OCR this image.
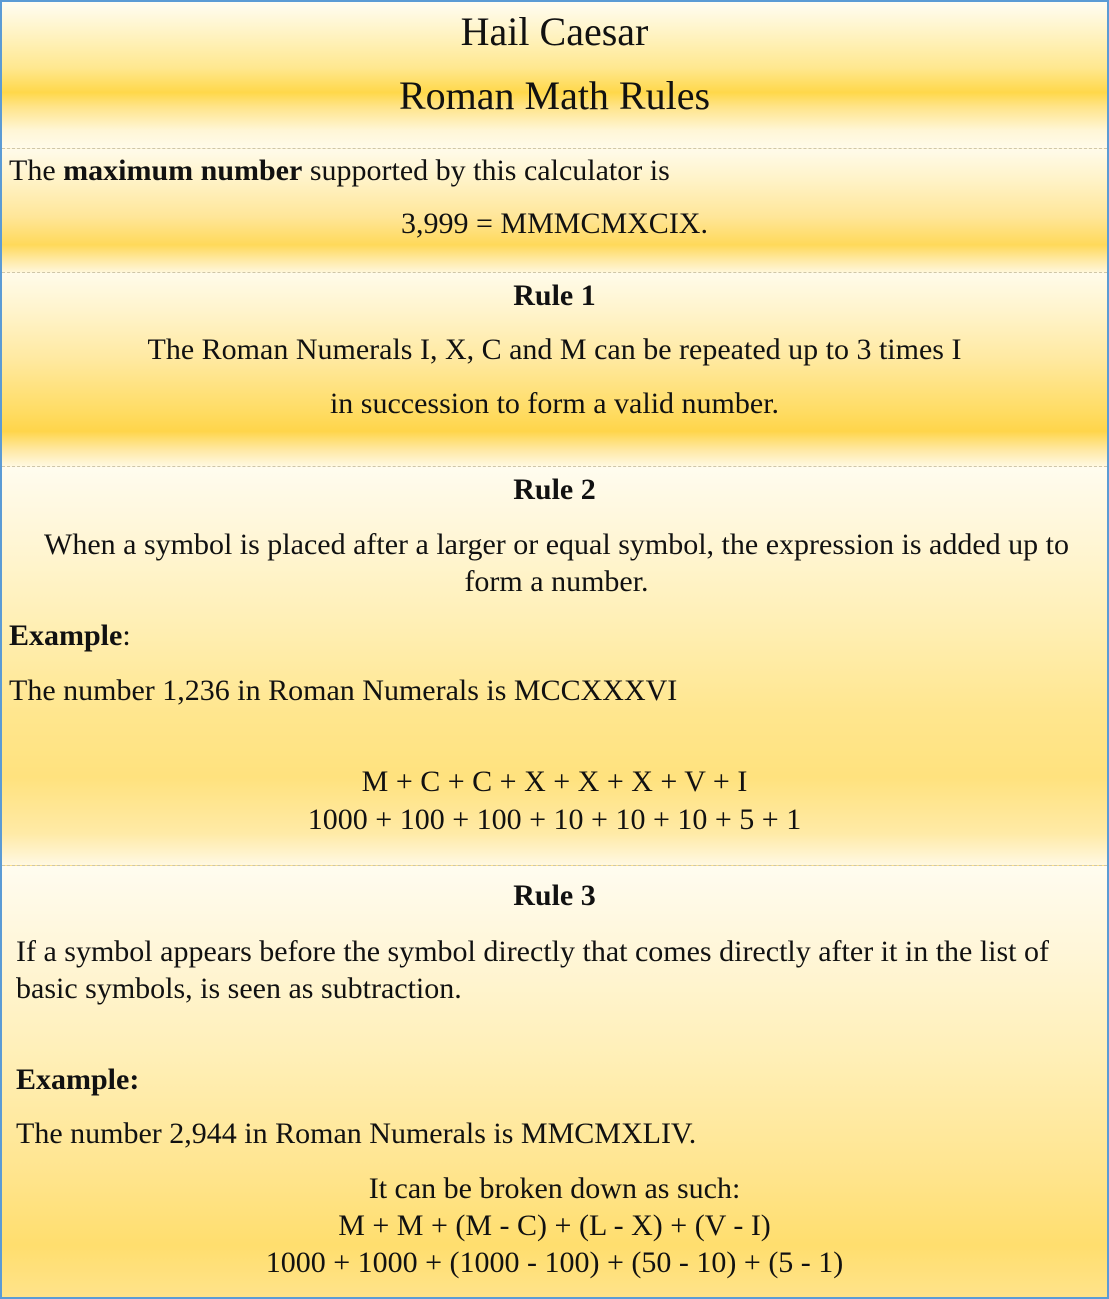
Hail Caesar
Roman Math Rules
The maximum number supported by this calculator is
3,999 = MMMCMXCIX.
Rule 1
The Roman Numerals I, X, C and M can be repeated up to 3 times I
in succession to form a valid number.
Rule 2
When a symbol is placed after a larger or equal symbol, the expression is added up to form a number.
Example:
The number 1,236 in Roman Numerals is MCCXXXVI
M + C + C + X + X + X + V + I
1000 + 100 + 100 + 10 + 10 + 10 + 5 + 1
Rule 3
If a symbol appears before the symbol directly that comes directly after it in the list of basic symbols, is seen as subtraction.
Example:
The number 2,944 in Roman Numerals is MMCMXLIV.
It can be broken down as such:
M + M + (M - C) + (L - X) + (V - I)
1000 + 1000 + (1000 - 100) + (50 - 10) + (5 - 1)
